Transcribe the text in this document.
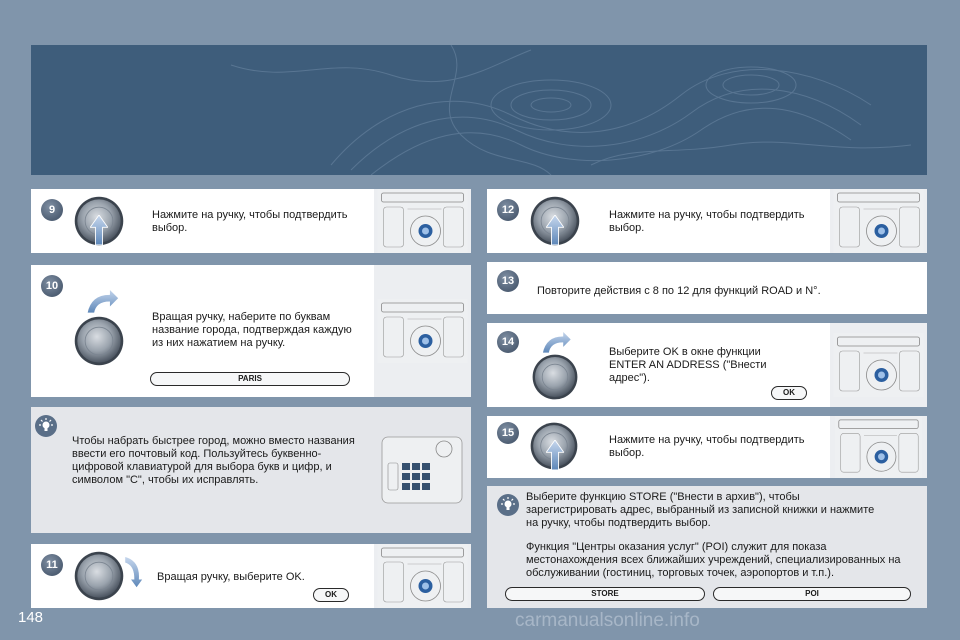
9	Нажмите на ручку, чтобы подтвердить выбор.
10
Вращая ручку, наберите по буквам название города, подтверждая каждую из них нажатием на ручку.
PARIS
Чтобы набрать быстрее город, можно вместо названия ввести его почтовый код. Пользуйтесь буквенно-цифровой клавиатурой для выбора букв и цифр, и символом "C", чтобы их исправлять.
11
Вращая ручку, выберите OK.
OK
12	Нажмите на ручку, чтобы подтвердить выбор.
13
Повторите действия с 8 по 12 для функций ROAD и N°.
14
Выберите OK в окне функции ENTER AN ADDRESS ("Внести адрес").
OK
15
Нажмите на ручку, чтобы подтвердить выбор.
Выберите функцию STORE ("Внести в архив"), чтобы зарегистрировать адрес, выбранный из записной книжки и нажмите на ручку, чтобы подтвердить выбор.
Функция "Центры оказания услуг" (POI) служит для показа местонахождения всех ближайших учреждений, специализированных на обслуживании (гостиниц, торговых точек, аэропортов и т.п.).
STORE	POI
148	carmanualsonline.info
